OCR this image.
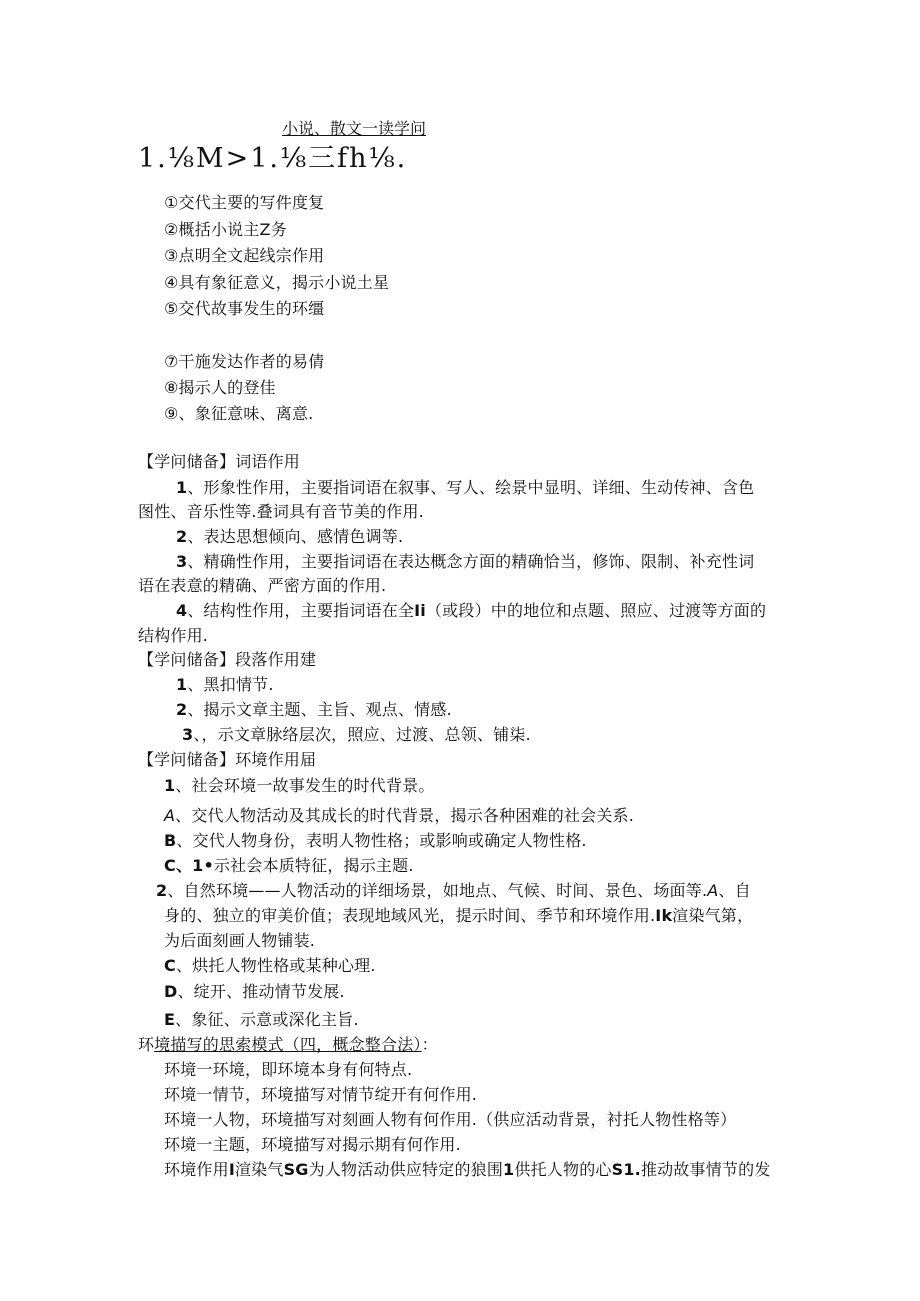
小说、散文一读学问
1.⅛M>1.⅛三fh⅛.
①交代主要的写件度复
②概括小说主Z务
③点明全文起线宗作用
④具有象征意义，揭示小说土星
⑤交代故事发生的环缰
⑦干施发达作者的易倩
⑧揭示人的登佳
⑨、象征意味、离意.
【学问储备】词语作用
1、形象性作用，主要指词语在叙事、写人、绘景中显明、详细、生动传神、含色
图性、音乐性等.叠词具有音节美的作用.
2、表达思想倾向、感情色调等.
3、精确性作用，主要指词语在表达概念方面的精确恰当，修饰、限制、补充性词
语在表意的精确、严密方面的作用.
4、结构性作用，主要指词语在全Ii（或段）中的地位和点题、照应、过渡等方面的
结构作用.
【学问储备】段落作用建
1、黑扣情节.
2、揭示文章主题、主旨、观点、情感.
3、，示文章脉络层次，照应、过渡、总领、铺柒.
【学问储备】环境作用届
1、社会环境一故事发生的时代背景。
A、交代人物活动及其成长的时代背景，揭示各种困难的社会关系.
B、交代人物身份，表明人物性格；或影响或确定人物性格.
C、1•示社会本质特征，揭示主题.
2、自然环境——人物活动的详细场景，如地点、气候、时间、景色、场面等.A、自
身的、独立的审美价值；表现地域风光，提示时间、季节和环境作用.Ik渲染气第，
为后面刻画人物铺装.
C、烘托人物性格或某种心理.
D、绽开、推动情节发展.
E、象征、示意或深化主旨.
环境描写的思索模式（四，概念整合法）：
环境一环境，即环境本身有何特点.
环境一情节，环境描写对情节绽开有何作用.
环境一人物，环境描写对刻画人物有何作用.（供应活动背景，衬托人物性格等）
环境一主题，环境描写对揭示期有何作用.
环境作用I渲染气SG为人物活动供应特定的狼围1供托人物的心S1.推动故事情节的发
